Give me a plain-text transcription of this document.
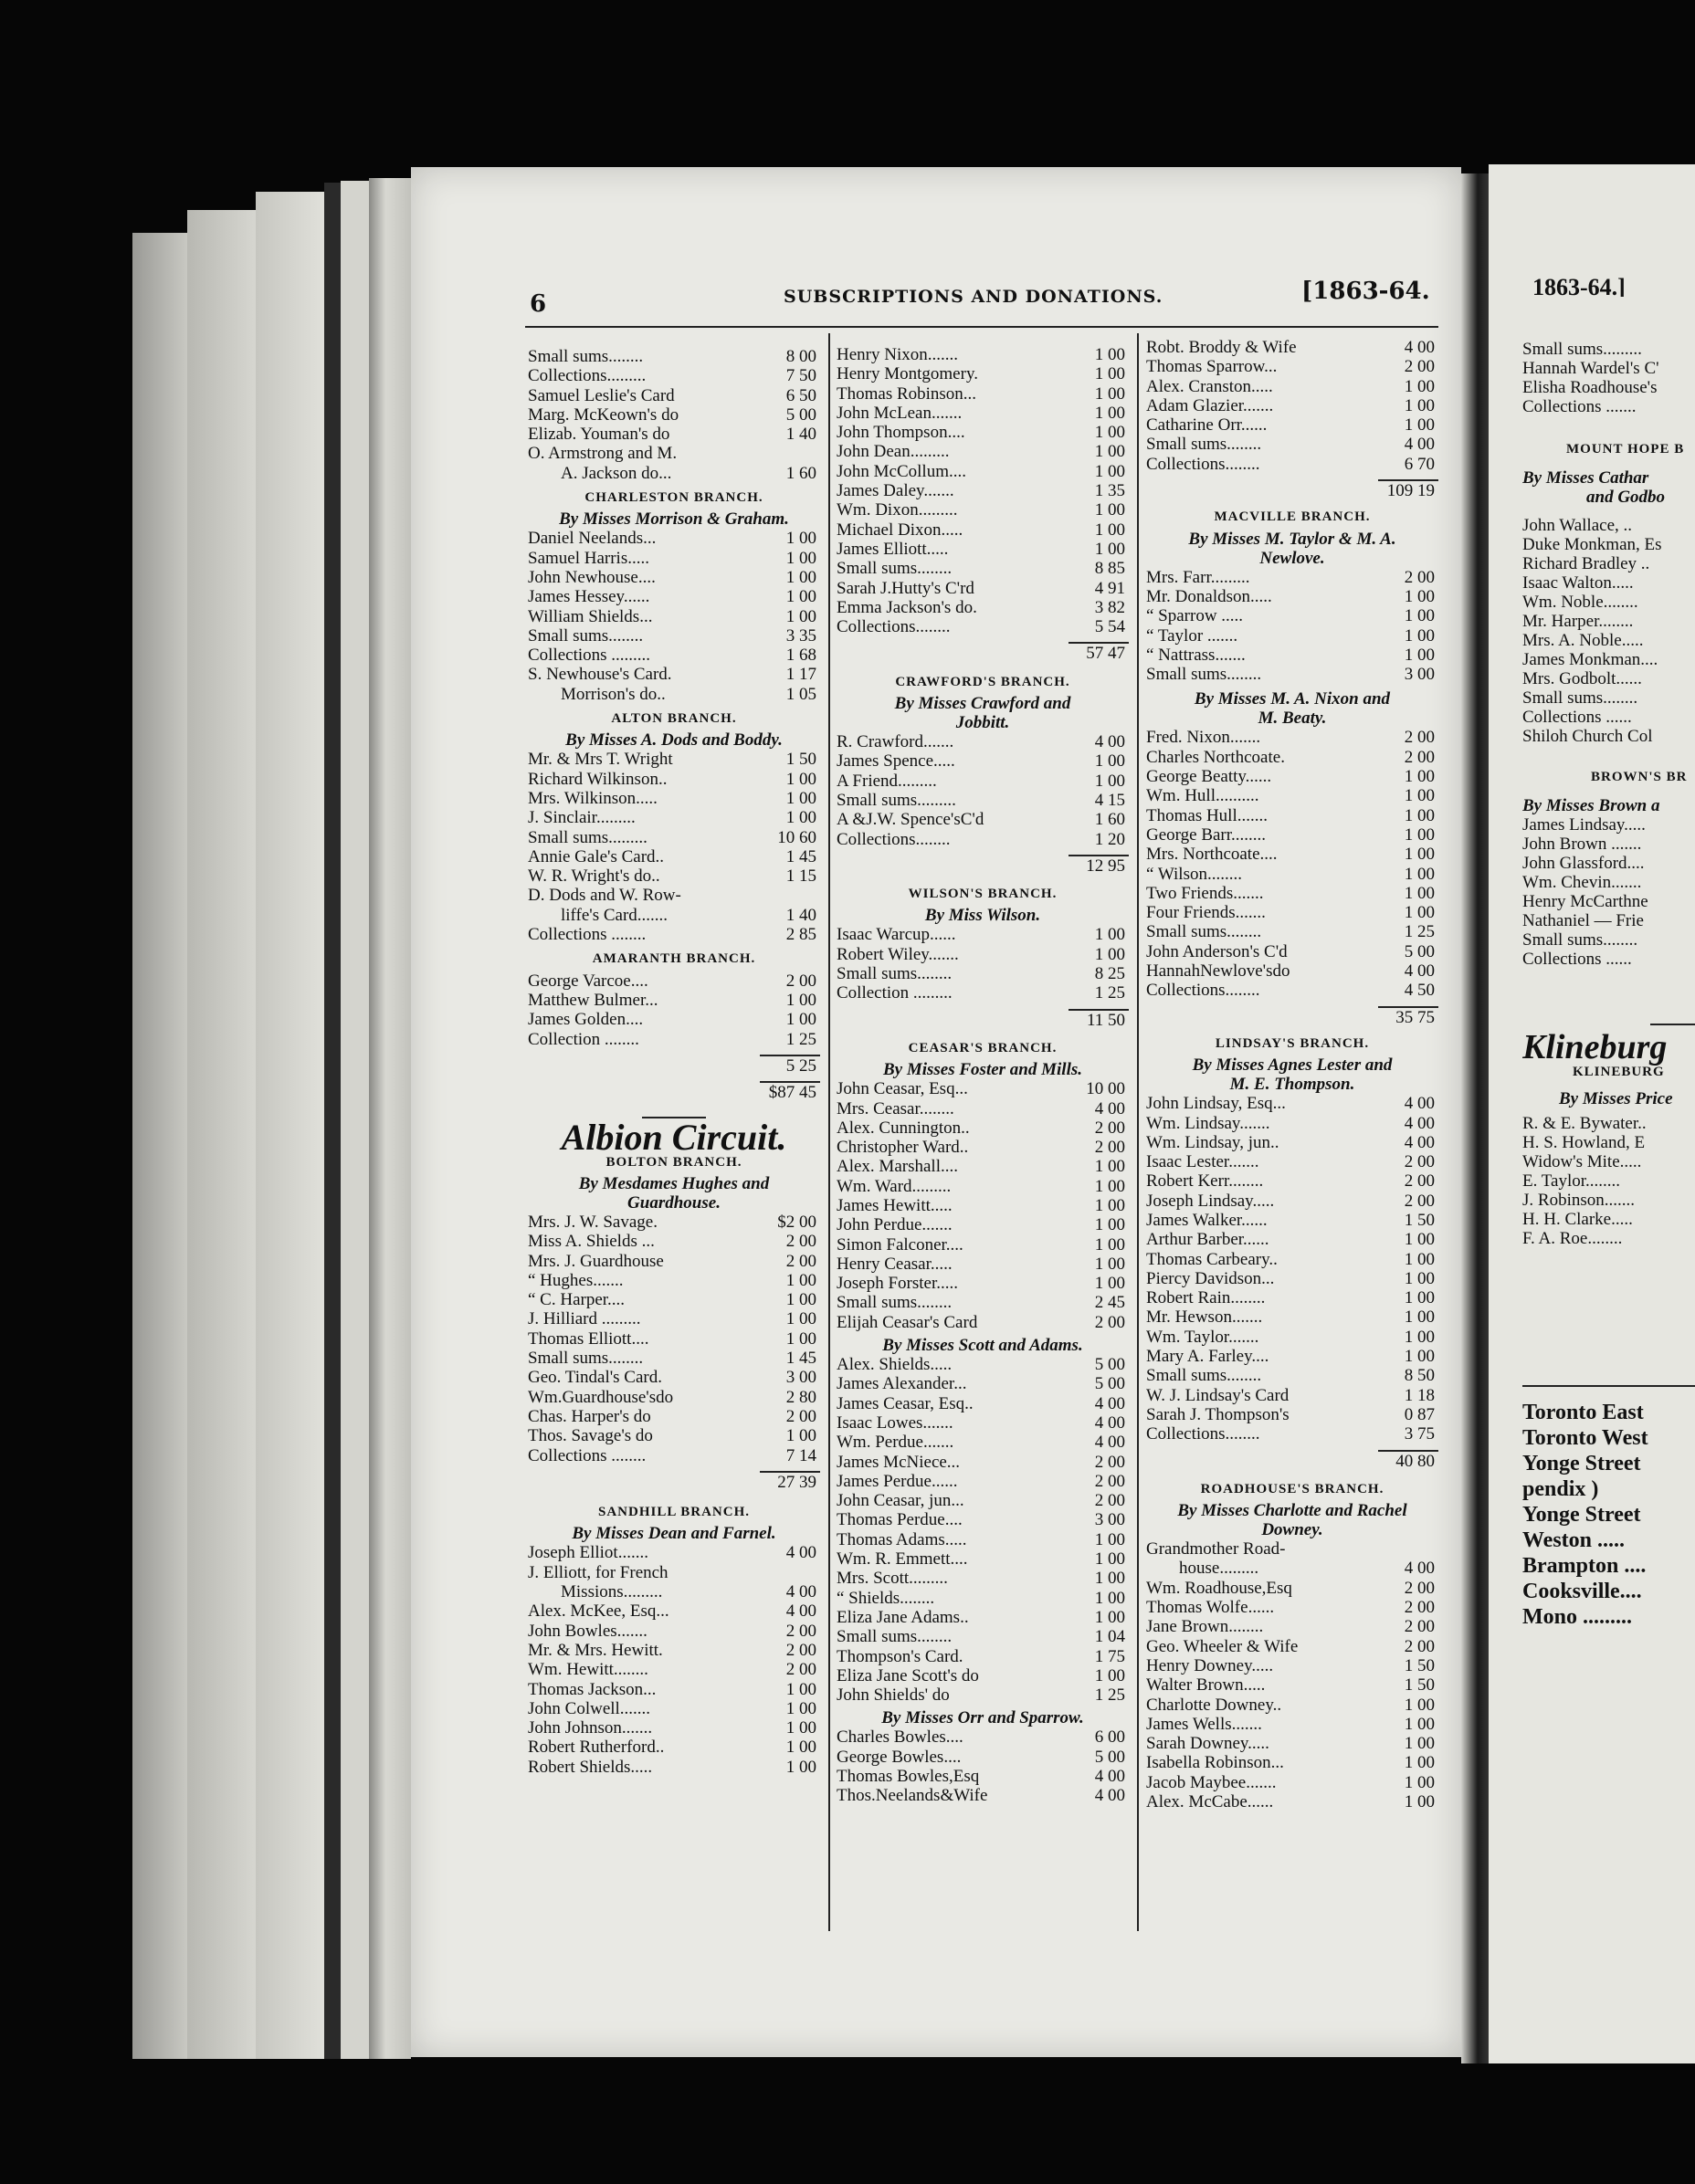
6	SUBSCRIPTIONS AND DONATIONS.	[1863-64.
Small sums........	8 00
Collections.........	7 50
Samuel Leslie's Card	6 50
Marg. McKeown's do	5 00
Elizab. Youman's do	1 40
O. Armstrong and M.
A. Jackson do...	1 60
CHARLESTON BRANCH.
By Misses Morrison & Graham.
Daniel Neelands...	1 00
Samuel Harris.....	1 00
John Newhouse....	1 00
James Hessey......	1 00
William Shields...	1 00
Small sums........	3 35
Collections .........	1 68
S. Newhouse's Card.	1 17
Morrison's do..	1 05
ALTON BRANCH.
By Misses A. Dods and Boddy.
Mr. & Mrs T. Wright	1 50
Richard Wilkinson..	1 00
Mrs. Wilkinson.....	1 00
J. Sinclair.........	1 00
Small sums.........	10 60
Annie Gale's Card..	1 45
W. R. Wright's do..	1 15
D. Dods and W. Row-
liffe's Card.......	1 40
Collections ........	2 85
AMARANTH BRANCH.
George Varcoe....	2 00
Matthew Bulmer...	1 00
James Golden....	1 00
Collection ........	1 25
5 25
$87 45
Albion Circuit.
BOLTON BRANCH.
By Mesdames Hughes and
Guardhouse.
Mrs. J. W. Savage.	$2 00
Miss A. Shields ...	2 00
Mrs. J. Guardhouse	2 00
“ Hughes.......	1 00
“ C. Harper....	1 00
J. Hilliard .........	1 00
Thomas Elliott....	1 00
Small sums........	1 45
Geo. Tindal's Card.	3 00
Wm.Guardhouse'sdo	2 80
Chas. Harper's do	2 00
Thos. Savage's do	1 00
Collections ........	7 14
27 39
SANDHILL BRANCH.
By Misses Dean and Farnel.
Joseph Elliot.......	4 00
J. Elliott, for French
Missions.........	4 00
Alex. McKee, Esq...	4 00
John Bowles.......	2 00
Mr. & Mrs. Hewitt.	2 00
Wm. Hewitt........	2 00
Thomas Jackson...	1 00
John Colwell.......	1 00
John Johnson.......	1 00
Robert Rutherford..	1 00
Robert Shields.....	1 00
Henry Nixon.......	1 00
Henry Montgomery.	1 00
Thomas Robinson...	1 00
John McLean.......	1 00
John Thompson....	1 00
John Dean.........	1 00
John McCollum....	1 00
James Daley.......	1 35
Wm. Dixon.........	1 00
Michael Dixon.....	1 00
James Elliott.....	1 00
Small sums........	8 85
Sarah J.Hutty's C'rd	4 91
Emma Jackson's do.	3 82
Collections........	5 54
57 47
CRAWFORD'S BRANCH.
By Misses Crawford and
Jobbitt.
R. Crawford.......	4 00
James Spence.....	1 00
A Friend.........	1 00
Small sums.........	4 15
A &J.W. Spence'sC'd	1 60
Collections........	1 20
12 95
WILSON'S BRANCH.
By Miss Wilson.
Isaac Warcup......	1 00
Robert Wiley.......	1 00
Small sums........	8 25
Collection .........	1 25
11 50
CEASAR'S BRANCH.
By Misses Foster and Mills.
John Ceasar, Esq...	10 00
Mrs. Ceasar........	4 00
Alex. Cunnington..	2 00
Christopher Ward..	2 00
Alex. Marshall....	1 00
Wm. Ward.........	1 00
James Hewitt.....	1 00
John Perdue.......	1 00
Simon Falconer....	1 00
Henry Ceasar.....	1 00
Joseph Forster.....	1 00
Small sums........	2 45
Elijah Ceasar's Card	2 00
By Misses Scott and Adams.
Alex. Shields.....	5 00
James Alexander...	5 00
James Ceasar, Esq..	4 00
Isaac Lowes.......	4 00
Wm. Perdue.......	4 00
James McNiece...	2 00
James Perdue......	2 00
John Ceasar, jun...	2 00
Thomas Perdue....	3 00
Thomas Adams.....	1 00
Wm. R. Emmett....	1 00
Mrs. Scott.........	1 00
“ Shields........	1 00
Eliza Jane Adams..	1 00
Small sums........	1 04
Thompson's Card.	1 75
Eliza Jane Scott's do	1 00
John Shields' do	1 25
By Misses Orr and Sparrow.
Charles Bowles....	6 00
George Bowles....	5 00
Thomas Bowles,Esq	4 00
Thos.Neelands&Wife	4 00
Robt. Broddy & Wife	4 00
Thomas Sparrow...	2 00
Alex. Cranston.....	1 00
Adam Glazier.......	1 00
Catharine Orr......	1 00
Small sums........	4 00
Collections........	6 70
109 19
MACVILLE BRANCH.
By Misses M. Taylor & M. A.
Newlove.
Mrs. Farr.........	2 00
Mr. Donaldson.....	1 00
“ Sparrow .....	1 00
“ Taylor .......	1 00
“ Nattrass.......	1 00
Small sums........	3 00
By Misses M. A. Nixon and
M. Beaty.
Fred. Nixon.......	2 00
Charles Northcoate.	2 00
George Beatty......	1 00
Wm. Hull..........	1 00
Thomas Hull.......	1 00
George Barr........	1 00
Mrs. Northcoate....	1 00
“ Wilson........	1 00
Two Friends.......	1 00
Four Friends.......	1 00
Small sums........	1 25
John Anderson's C'd	5 00
HannahNewlove'sdo	4 00
Collections........	4 50
35 75
LINDSAY'S BRANCH.
By Misses Agnes Lester and
M. E. Thompson.
John Lindsay, Esq...	4 00
Wm. Lindsay.......	4 00
Wm. Lindsay, jun..	4 00
Isaac Lester.......	2 00
Robert Kerr........	2 00
Joseph Lindsay.....	2 00
James Walker......	1 50
Arthur Barber......	1 00
Thomas Carbeary..	1 00
Piercy Davidson...	1 00
Robert Rain........	1 00
Mr. Hewson.......	1 00
Wm. Taylor.......	1 00
Mary A. Farley....	1 00
Small sums........	8 50
W. J. Lindsay's Card	1 18
Sarah J. Thompson's	0 87
Collections........	3 75
40 80
ROADHOUSE'S BRANCH.
By Misses Charlotte and Rachel
Downey.
Grandmother Road-
house.........	4 00
Wm. Roadhouse,Esq	2 00
Thomas Wolfe......	2 00
Jane Brown........	2 00
Geo. Wheeler & Wife	2 00
Henry Downey.....	1 50
Walter Brown.....	1 50
Charlotte Downey..	1 00
James Wells.......	1 00
Sarah Downey.....	1 00
Isabella Robinson...	1 00
Jacob Maybee.......	1 00
Alex. McCabe......	1 00
1863-64.]
Small sums.........
Hannah Wardel's C'
Elisha Roadhouse's
Collections .......
MOUNT HOPE B
By Misses Cathar
and Godbo
John Wallace, ..
Duke Monkman, Es
Richard Bradley ..
Isaac Walton.....
Wm. Noble........
Mr. Harper........
Mrs. A. Noble.....
James Monkman....
Mrs. Godbolt......
Small sums........
Collections ......
Shiloh Church Col
BROWN'S BR
By Misses Brown a
James Lindsay.....
John Brown .......
John Glassford....
Wm. Chevin.......
Henry McCarthne
Nathaniel — Frie
Small sums........
Collections ......
Klineburg
KLINEBURG
By Misses Price
R. & E. Bywater..
H. S. Howland, E
Widow's Mite.....
E. Taylor........
J. Robinson.......
H. H. Clarke.....
F. A. Roe........
Toronto East
Toronto West
Yonge Street
pendix )
Yonge Street
Weston .....
Brampton ....
Cooksville....
Mono .........
